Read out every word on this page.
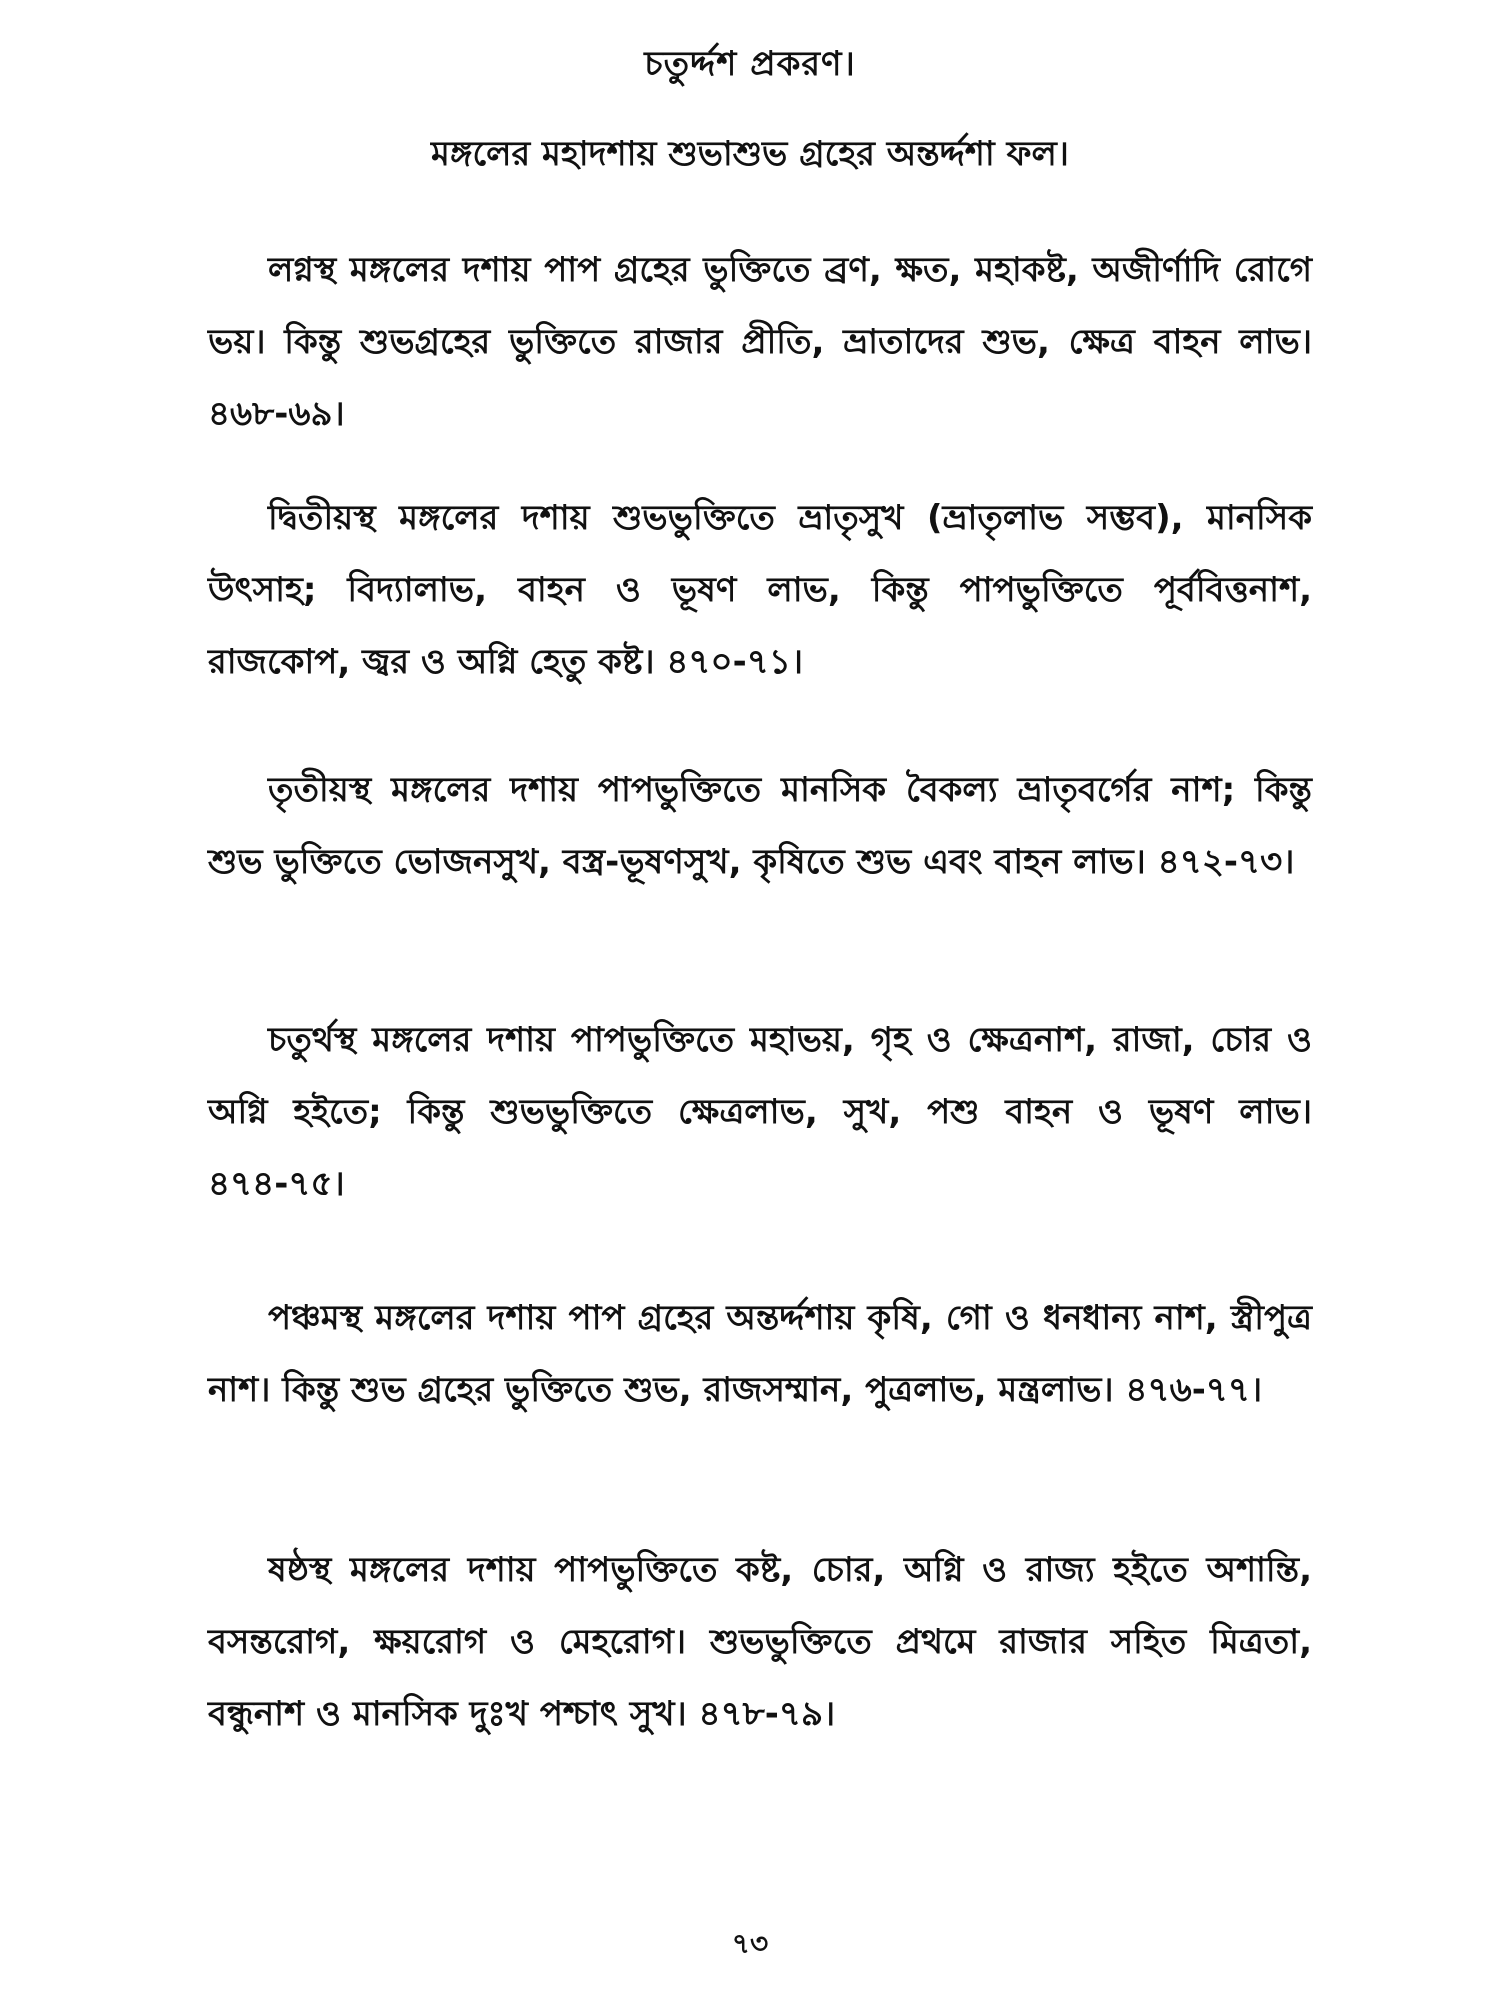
চতুর্দ্দশ প্রকরণ।
মঙ্গলের মহাদশায় শুভাশুভ গ্রহের অন্তর্দ্দশা ফল।

লগ্নস্থ মঙ্গলের দশায় পাপ গ্রহের ভুক্তিতে ব্রণ, ক্ষত, মহাকষ্ট, অজীর্ণাদি রোগে ভয়। কিন্তু শুভগ্রহের ভুক্তিতে রাজার প্রীতি, ভ্রাতাদের শুভ, ক্ষেত্র বাহন লাভ। ৪৬৮-৬৯।

দ্বিতীয়স্থ মঙ্গলের দশায় শুভভুক্তিতে ভ্রাতৃসুখ (ভ্রাতৃলাভ সম্ভব), মানসিক উৎসাহ; বিদ্যালাভ, বাহন ও ভূষণ লাভ, কিন্তু পাপভুক্তিতে পূর্ববিত্তনাশ, রাজকোপ, জ্বর ও অগ্নি হেতু কষ্ট। ৪৭০-৭১।

তৃতীয়স্থ মঙ্গলের দশায় পাপভুক্তিতে মানসিক বৈকল্য ভ্রাতৃবর্গের নাশ; কিন্তু শুভ ভুক্তিতে ভোজনসুখ, বস্ত্র-ভূষণসুখ, কৃষিতে শুভ এবং বাহন লাভ। ৪৭২-৭৩।

চতুর্থস্থ মঙ্গলের দশায় পাপভুক্তিতে মহাভয়, গৃহ ও ক্ষেত্রনাশ, রাজা, চোর ও অগ্নি হইতে; কিন্তু শুভভুক্তিতে ক্ষেত্রলাভ, সুখ, পশু বাহন ও ভূষণ লাভ। ৪৭৪-৭৫।

পঞ্চমস্থ মঙ্গলের দশায় পাপ গ্রহের অন্তর্দ্দশায় কৃষি, গো ও ধনধান্য নাশ, স্ত্রীপুত্র নাশ। কিন্তু শুভ গ্রহের ভুক্তিতে শুভ, রাজসম্মান, পুত্রলাভ, মন্ত্রলাভ। ৪৭৬-৭৭।

ষষ্ঠস্থ মঙ্গলের দশায় পাপভুক্তিতে কষ্ট, চোর, অগ্নি ও রাজ্য হইতে অশান্তি, বসন্তরোগ, ক্ষয়রোগ ও মেহরোগ। শুভভুক্তিতে প্রথমে রাজার সহিত মিত্রতা, বন্ধুনাশ ও মানসিক দুঃখ পশ্চাৎ সুখ। ৪৭৮-৭৯।

৭৩
